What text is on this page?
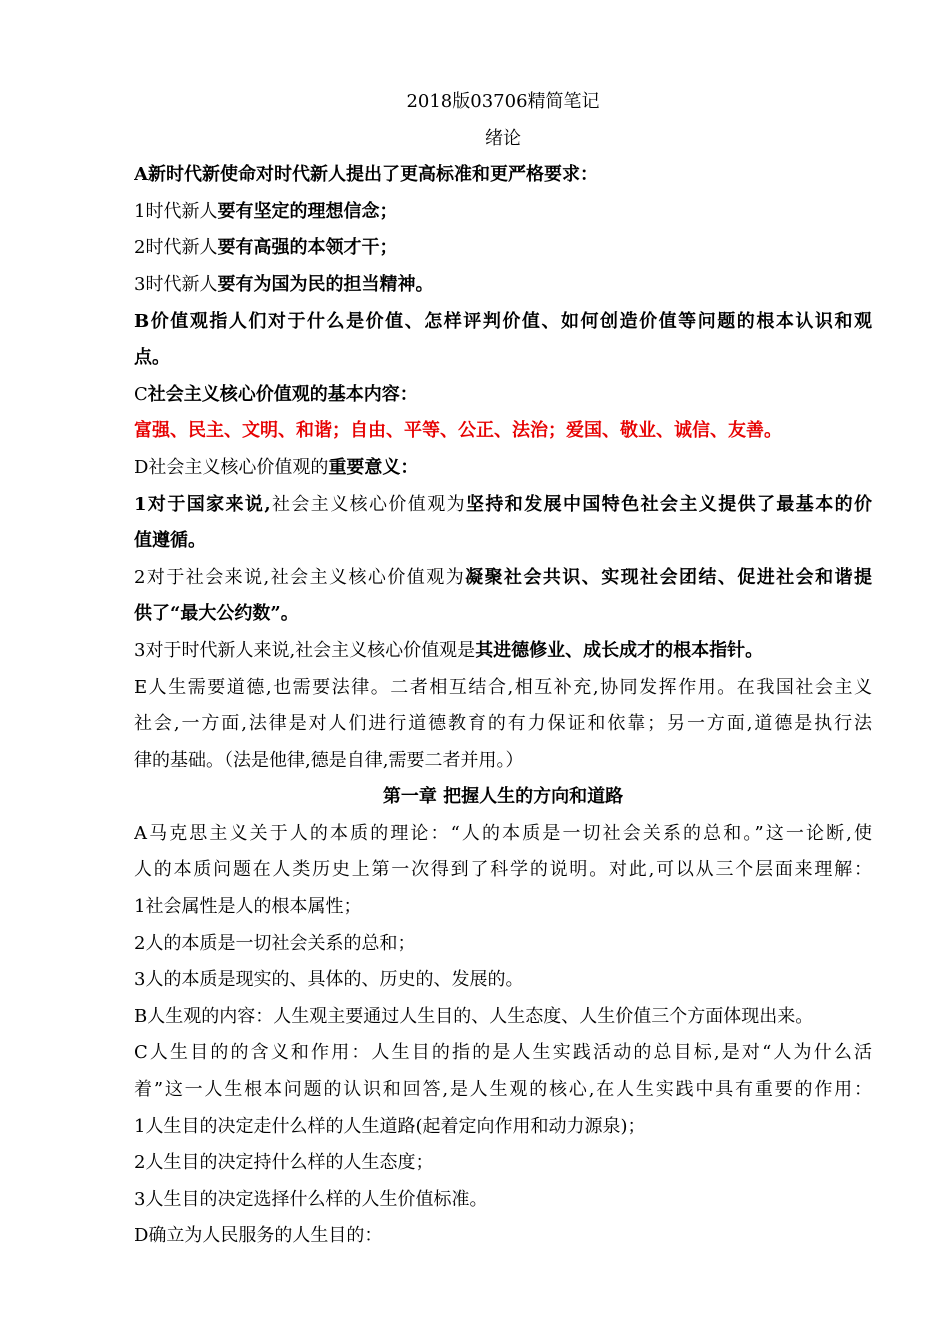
2018版03706精简笔记
绪论
A新时代新使命对时代新人提出了更高标准和更严格要求：
1时代新人要有坚定的理想信念；
2时代新人要有高强的本领才干；
3时代新人要有为国为民的担当精神。
B价值观指人们对于什么是价值、怎样评判价值、如何创造价值等问题的根本认识和观
点。
C社会主义核心价值观的基本内容：
富强、民主、文明、和谐；自由、平等、公正、法治；爱国、敬业、诚信、友善。
D社会主义核心价值观的重要意义：
1对于国家来说,社会主义核心价值观为坚持和发展中国特色社会主义提供了最基本的价
值遵循。
2对于社会来说,社会主义核心价值观为凝聚社会共识、实现社会团结、促进社会和谐提
供了“最大公约数”。
3对于时代新人来说,社会主义核心价值观是其进德修业、成长成才的根本指针。
E人生需要道德,也需要法律。二者相互结合,相互补充,协同发挥作用。在我国社会主义
社会,一方面,法律是对人们进行道德教育的有力保证和依靠；另一方面,道德是执行法
律的基础。（法是他律,德是自律,需要二者并用。）
第一章 把握人生的方向和道路
A马克思主义关于人的本质的理论：“人的本质是一切社会关系的总和。”这一论断,使
人的本质问题在人类历史上第一次得到了科学的说明。对此,可以从三个层面来理解：
1社会属性是人的根本属性；
2人的本质是一切社会关系的总和；
3人的本质是现实的、具体的、历史的、发展的。
B人生观的内容：人生观主要通过人生目的、人生态度、人生价值三个方面体现出来。
C人生目的的含义和作用：人生目的指的是人生实践活动的总目标,是对“人为什么活
着”这一人生根本问题的认识和回答,是人生观的核心,在人生实践中具有重要的作用：
1人生目的决定走什么样的人生道路(起着定向作用和动力源泉)；
2人生目的决定持什么样的人生态度；
3人生目的决定选择什么样的人生价值标准。
D确立为人民服务的人生目的：
